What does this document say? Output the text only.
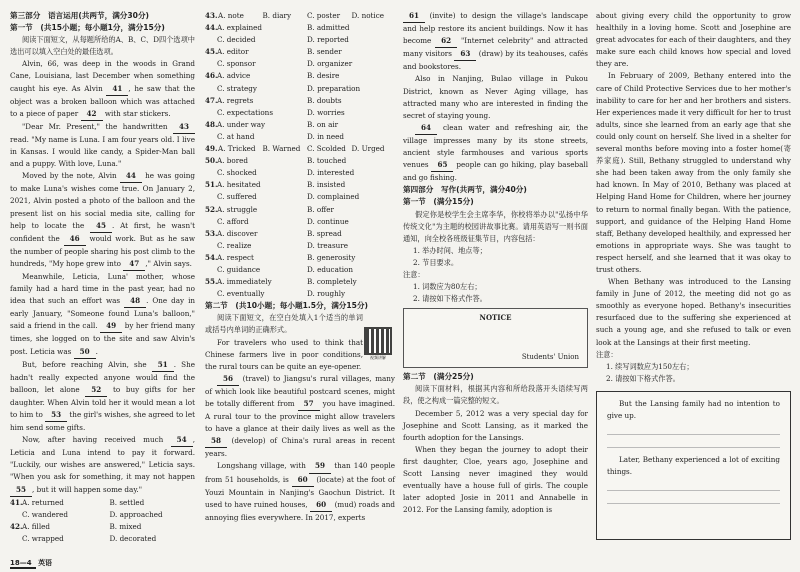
第三部分　语言运用(共两节，满分30分)

第一节　(共15小题；每小题1分，满分15分)

阅读下面短文，从每题所给的A、B、C、D四个选项中选出可以填入空白处的最佳选项。

Alvin, 66, was deep in the woods in Grand Cane, Louisiana, last December when something caught his eye. As Alvin 41 , he saw that the object was a broken balloon which was attached to a piece of paper 42 with star stickers.

"Dear Mr. Present," the handwritten 43 read. "My name is Luna. I am four years old. I live in Kansas. I would like candy, a Spider-Man ball and a puppy. With love, Luna."

Moved by the note, Alvin 44 he was going to make Luna's wishes come true. On January 2, 2021, Alvin posted a photo of the balloon and the present list on his social media site, calling for help to locate the 45 . At first, he wasn't confident the 46 would work. But as he saw the number of people sharing his post climb to the hundreds, "My hope grew into 47 ," Alvin says.

Meanwhile, Leticia, Luna' mother, whose family had a hard time in the past year, had no idea that such an effort was 48 . One day in early January, "Someone found Luna's balloon," said a friend in the call. 49 by her friend many times, she logged on to the site and saw Alvin's post. Leticia was 50 .

But, before reaching Alvin, she 51 . She hadn't really expected anyone would find the balloon, let alone 52 to buy gifts for her daughter. When Alvin told her it would mean a lot to him to 53 the girl's wishes, she agreed to let him send some gifts.

Now, after having received much 54 , Leticia and Luna intend to pay it forward. "Luckily, our wishes are answered," Leticia says. "When you ask for something, it may not happen 55 , but it will happen some day."

41. A. returned	B. settled
C. wandered	D. approached
42. A. filled	B. mixed
C. wrapped	D. decorated
43. A. note	B. diary	C. poster	D. notice
44. A. explained	B. admitted
C. decided	D. reported
45. A. editor	B. sender
C. sponsor	D. organizer
46. A. advice	B. desire
C. strategy	D. preparation
47. A. regrets	B. doubts
C. expectations	D. worries
48. A. under way	B. on air
C. at hand	D. in need
49. A. Tricked B. Warned C. Scolded D. Urged
50. A. bored	B. touched
C. shocked	D. interested
51. A. hesitated	B. insisted
C. suffered	D. complained
52. A. struggle	B. offer
C. afford	D. continue
53. A. discover	B. spread
C. realize	D. treasure
54. A. respect	B. generosity
C. guidance	D. education
55. A. immediately	B. completely
C. eventually	D. roughly

第二节　(共10小题；每小题1.5分，满分15分)

阅读下面短文，在空白处填入1个适当的单词或括号内单词的正确形式。

For travelers who used to think that Chinese farmers live in poor conditions, the rural tours can be quite an eye-opener.

56 (travel) to Jiangsu's rural villages, many of which look like beautiful postcard scenes, might be totally different from 57 you have imagined. A rural tour to the province might allow travelers to have a glance at their daily lives as well as the 58 (develop) of China's rural areas in recent years.

Longshang village, with 59 than 140 people from 51 households, is 60 (locate) at the foot of Youzi Mountain in Nanjing's Gaochun District. It used to have ruined houses, 60 (mud) roads and annoying flies everywhere. In 2017, experts

视频讲解

61 (invite) to design the village's landscape and help restore its ancient buildings. Now it has become 62 "Internet celebrity" and attracted many visitors 63 (draw) by its teahouses, cafés and bookstores.

Also in Nanjing, Bulao village in Pukou District, known as Never Aging village, has attracted many who are interested in finding the secret of staying young.

64 clean water and refreshing air, the village impresses many by its stone streets, ancient style farmhouses and various sports venues 65 people can go hiking, play baseball and go fishing.

第四部分　写作(共两节，满分40分)

第一节　(满分15分)

假定你是校学生会主席李华，你校将举办以"弘扬中华传统文化"为主题的校园讲故事比赛。请用英语写一则书面通知，向全校各班级征集节目，内容包括：

1. 举办时间、地点等；

2. 节目要求。

注意：

1. 词数应为80左右；

2. 请按如下格式作答。

NOTICE
Students' Union

第二节　(满分25分)

阅读下面材料，根据其内容和所给段落开头语续写两段，使之构成一篇完整的短文。

December 5, 2012 was a very special day for Josephine and Scott Lansing, as it marked the fourth adoption for the Lansings.

When they began the journey to adopt their first daughter, Cloe, years ago, Josephine and Scott Lansing never imagined they would eventually have a house full of girls. The couple later adopted Josie in 2011 and Annabelle in 2012. For the Lansing family, adoption is

about giving every child the opportunity to grow healthily in a loving home. Scott and Josephine are great advocates for each of their daughters, and they make sure each child knows how special and loved they are.

In February of 2009, Bethany entered into the care of Child Protective Services due to her mother's inability to care for her and her brothers and sisters. Her experiences made it very difficult for her to trust adults, since she learned from an early age that she could only count on herself. She lived in a shelter for several months before moving into a foster home(寄养家庭). Still, Bethany struggled to understand why she had been taken away from the only family she had known. In May of 2010, Bethany was placed at Helping Hand Home for Children, where her journey to return to normal finally began. With the patience, support, and guidance of the Helping Hand Home staff, Bethany developed healthily, and expressed her emotions in appropriate ways. She was taught to respect herself, and she learned that it was okay to trust others.

When Bethany was introduced to the Lansing family in June of 2012, the meeting did not go as smoothly as everyone hoped. Bethany's insecurities resurfaced due to the suffering she experienced at such a young age, and she refused to talk or even look at the Lansings at their first meeting.

注意：

1. 续写词数应为150左右；

2. 请按如下格式作答。

But the Lansing family had no intention to give up.

Later, Bethany experienced a lot of exciting things.

18—4 英语
